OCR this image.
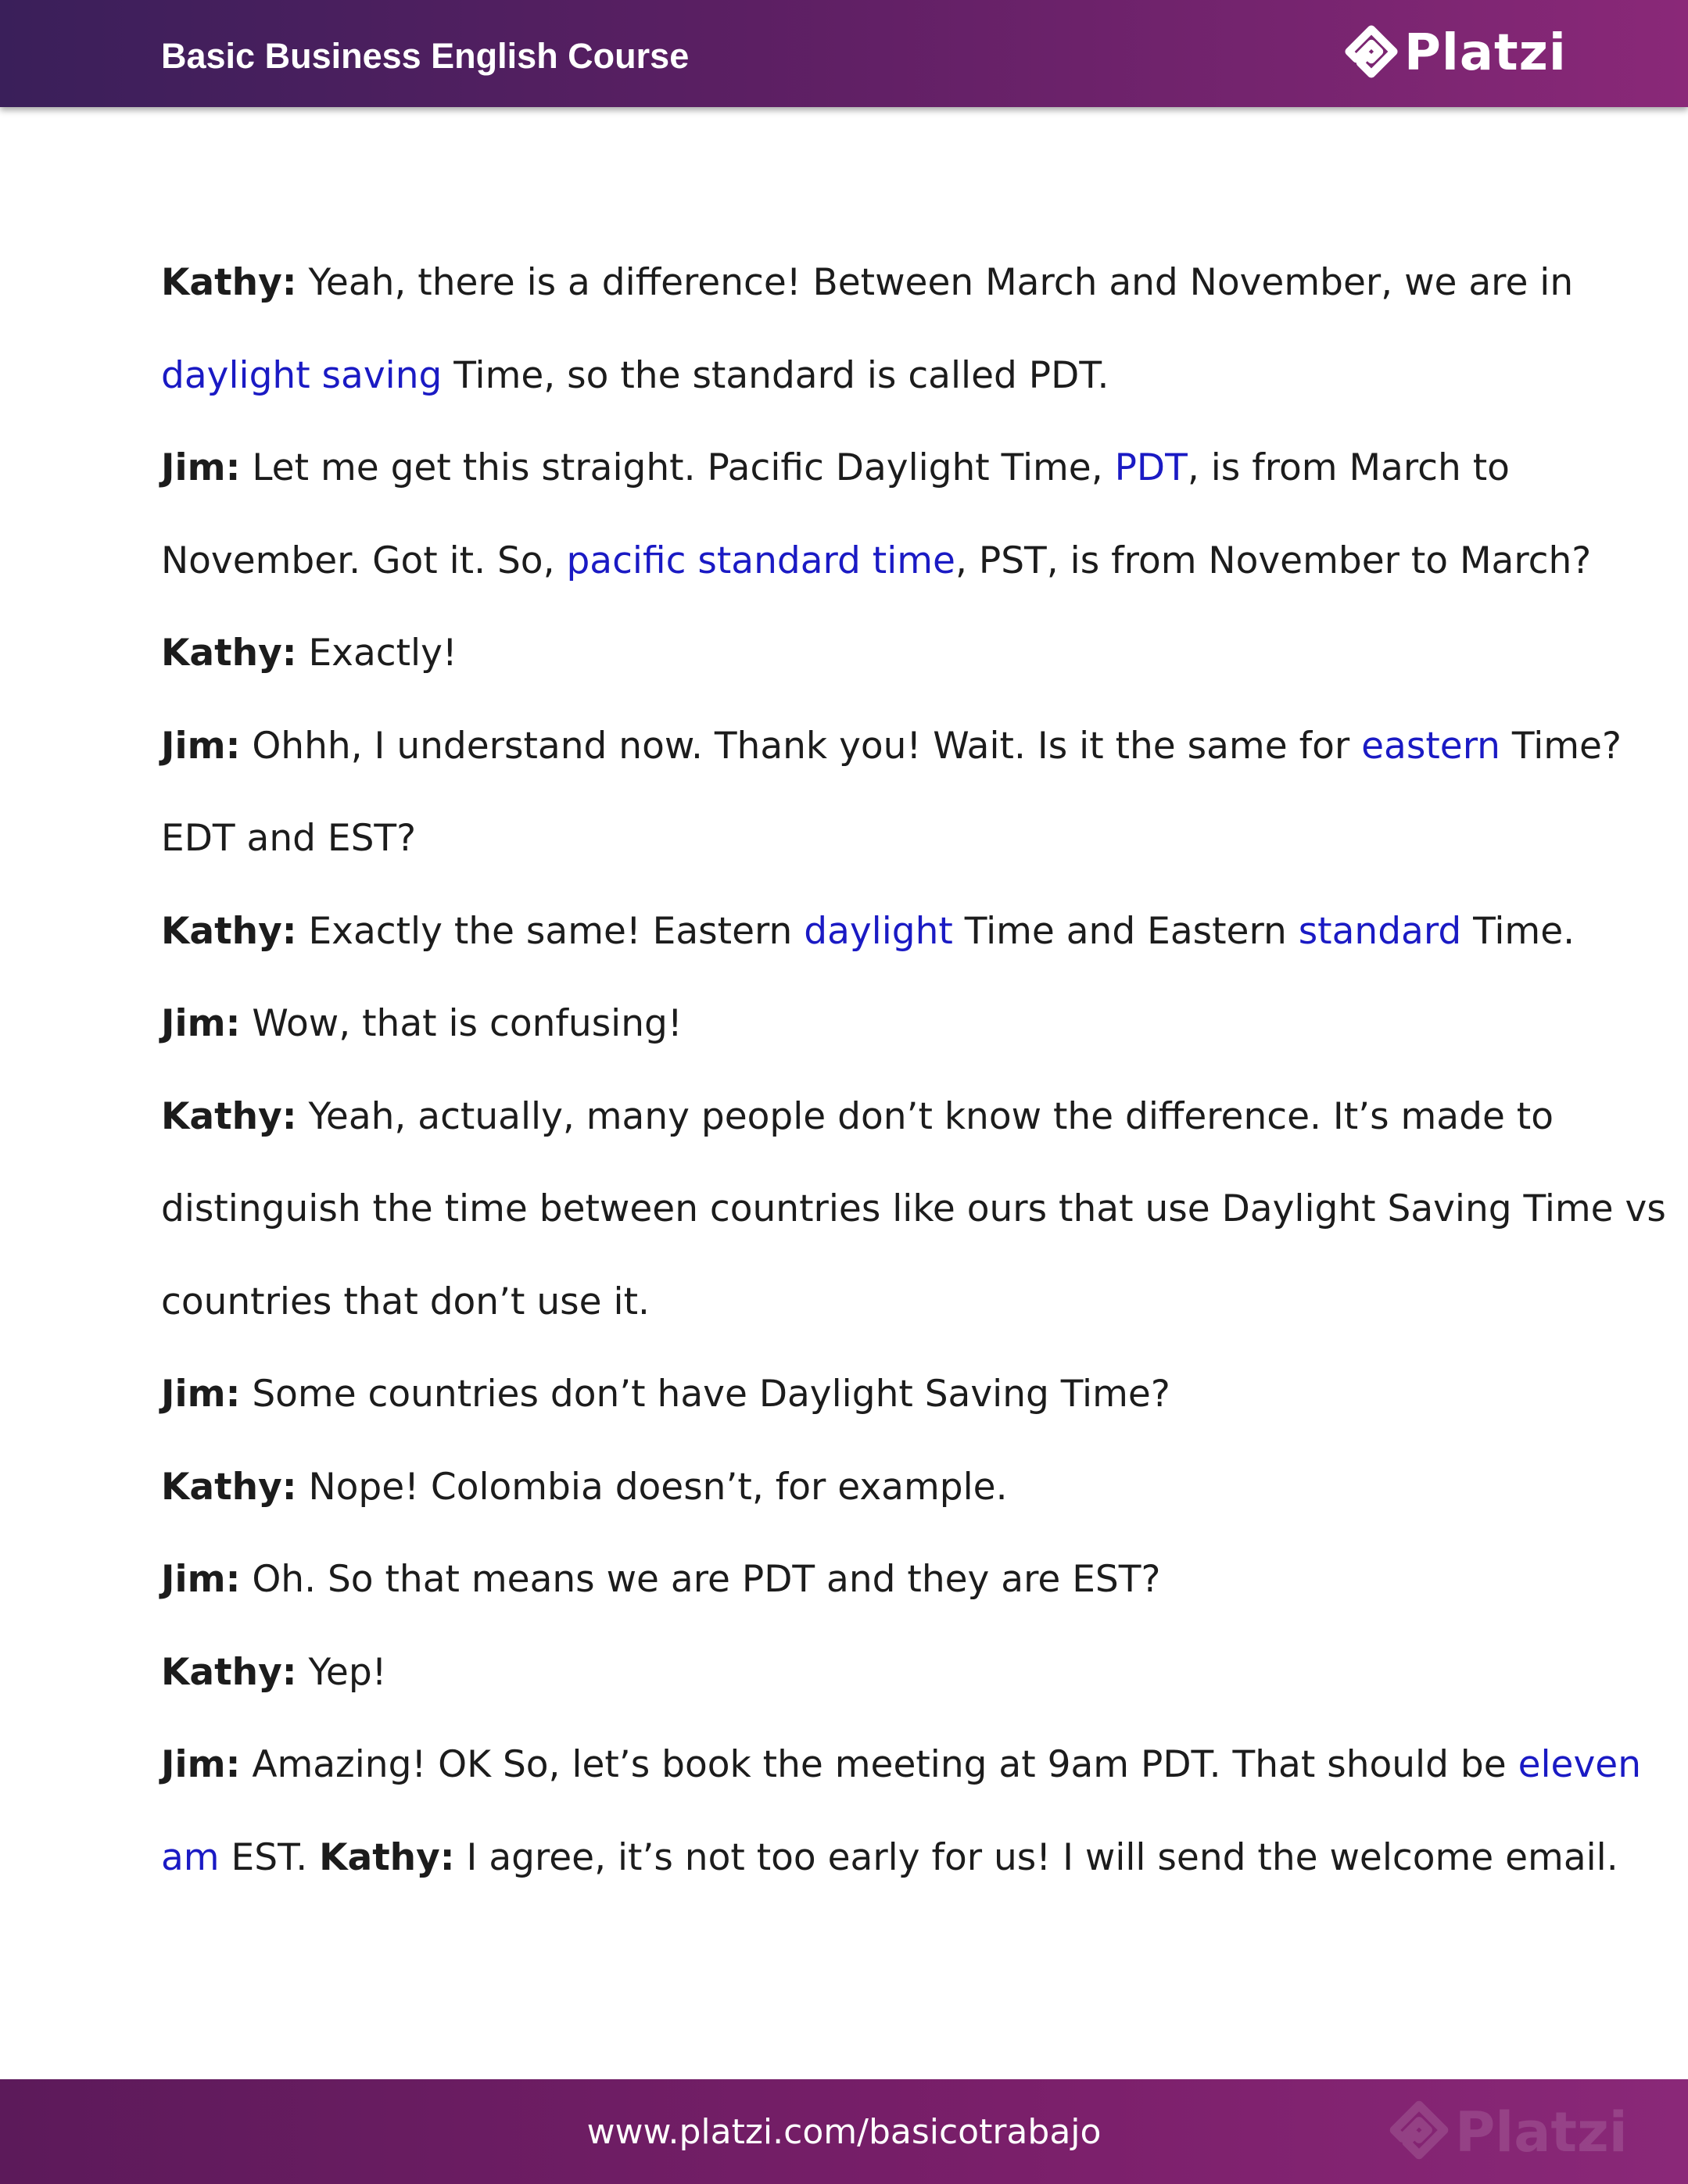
Basic Business English Course	Platzi
Kathy: Yeah, there is a difference! Between March and November, we are in
daylight saving Time, so the standard is called PDT.
Jim: Let me get this straight. Pacific Daylight Time, PDT, is from March to
November. Got it. So, pacific standard time, PST, is from November to March?
Kathy: Exactly!
Jim: Ohhh, I understand now. Thank you! Wait. Is it the same for eastern Time?
EDT and EST?
Kathy: Exactly the same! Eastern daylight Time and Eastern standard Time.
Jim: Wow, that is confusing!
Kathy: Yeah, actually, many people don’t know the difference. It’s made to
distinguish the time between countries like ours that use Daylight Saving Time vs
countries that don’t use it.
Jim: Some countries don’t have Daylight Saving Time?
Kathy: Nope! Colombia doesn’t, for example.
Jim: Oh. So that means we are PDT and they are EST?
Kathy: Yep!
Jim: Amazing! OK So, let’s book the meeting at 9am PDT. That should be eleven
am EST. Kathy: I agree, it’s not too early for us! I will send the welcome email.
www.platzi.com/basicotrabajo	Platzi
